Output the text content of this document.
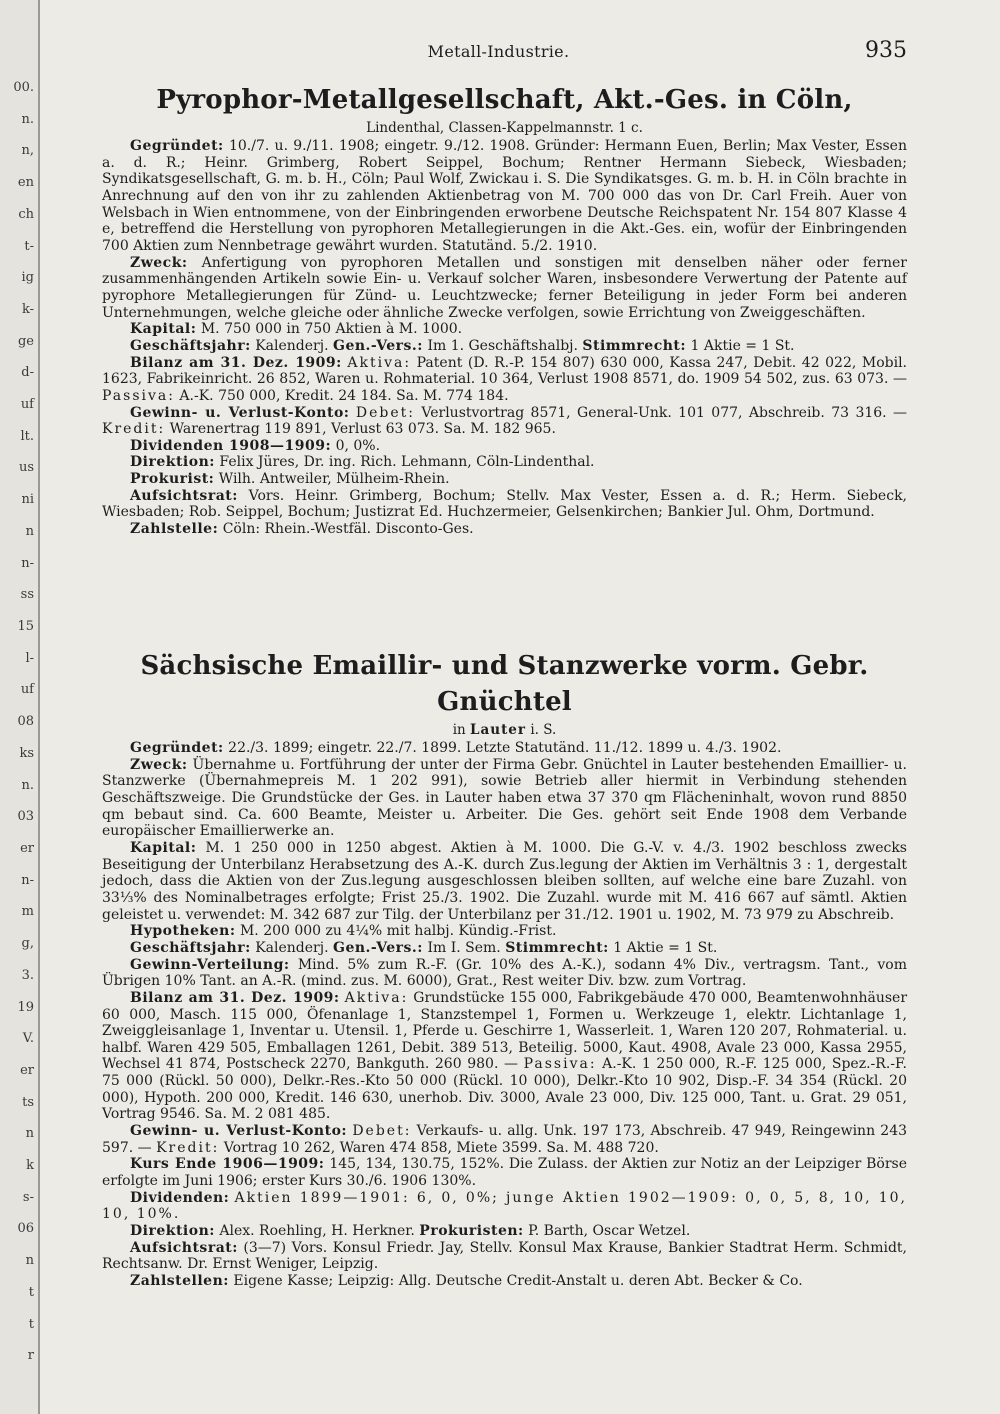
00.
n.
n,
en
ch
t-
ig
k-
ge
d-
uf
lt.
us
ni
n
n-
ss
15
l-
uf
08
ks
n.
03
er
n-
m
g,
3.
19
V.
er
ts
n
k
s-
06
n
t
t
r
Metall-Industrie.	935
Pyrophor-Metallgesellschaft, Akt.-Ges. in Cöln,
Lindenthal, Classen-Kappelmannstr. 1 c.

Gegründet: 10./7. u. 9./11. 1908; eingetr. 9./12. 1908. Gründer: Hermann Euen, Berlin; Max Vester, Essen a. d. R.; Heinr. Grimberg, Robert Seippel, Bochum; Rentner Hermann Siebeck, Wiesbaden; Syndikatsgesellschaft, G. m. b. H., Cöln; Paul Wolf, Zwickau i. S. Die Syndikatsges. G. m. b. H. in Cöln brachte in Anrechnung auf den von ihr zu zahlenden Aktienbetrag von M. 700 000 das von Dr. Carl Freih. Auer von Welsbach in Wien entnommene, von der Einbringenden erworbene Deutsche Reichspatent Nr. 154 807 Klasse 4 e, betreffend die Herstellung von pyrophoren Metallegierungen in die Akt.-Ges. ein, wofür der Einbringenden 700 Aktien zum Nennbetrage gewährt wurden. Statutänd. 5./2. 1910.

Zweck: Anfertigung von pyrophoren Metallen und sonstigen mit denselben näher oder ferner zusammenhängenden Artikeln sowie Ein- u. Verkauf solcher Waren, insbesondere Verwertung der Patente auf pyrophore Metallegierungen für Zünd- u. Leuchtzwecke; ferner Beteiligung in jeder Form bei anderen Unternehmungen, welche gleiche oder ähnliche Zwecke verfolgen, sowie Errichtung von Zweiggeschäften.

Kapital: M. 750 000 in 750 Aktien à M. 1000.

Geschäftsjahr: Kalenderj. Gen.-Vers.: Im 1. Geschäftshalbj. Stimmrecht: 1 Aktie = 1 St.

Bilanz am 31. Dez. 1909: Aktiva: Patent (D. R.-P. 154 807) 630 000, Kassa 247, Debit. 42 022, Mobil. 1623, Fabrikeinricht. 26 852, Waren u. Rohmaterial. 10 364, Verlust 1908 8571, do. 1909 54 502, zus. 63 073. — Passiva: A.-K. 750 000, Kredit. 24 184. Sa. M. 774 184.

Gewinn- u. Verlust-Konto: Debet: Verlustvortrag 8571, General-Unk. 101 077, Abschreib. 73 316. — Kredit: Warenertrag 119 891, Verlust 63 073. Sa. M. 182 965.

Dividenden 1908—1909: 0, 0%.

Direktion: Felix Jüres, Dr. ing. Rich. Lehmann, Cöln-Lindenthal.

Prokurist: Wilh. Antweiler, Mülheim-Rhein.

Aufsichtsrat: Vors. Heinr. Grimberg, Bochum; Stellv. Max Vester, Essen a. d. R.; Herm. Siebeck, Wiesbaden; Rob. Seippel, Bochum; Justizrat Ed. Huchzermeier, Gelsenkirchen; Bankier Jul. Ohm, Dortmund.

Zahlstelle: Cöln: Rhein.-Westfäl. Disconto-Ges.

Sächsische Emaillir- und Stanzwerke vorm. Gebr. Gnüchtel
in Lauter i. S.

Gegründet: 22./3. 1899; eingetr. 22./7. 1899. Letzte Statutänd. 11./12. 1899 u. 4./3. 1902.

Zweck: Übernahme u. Fortführung der unter der Firma Gebr. Gnüchtel in Lauter bestehenden Emaillier- u. Stanzwerke (Übernahmepreis M. 1 202 991), sowie Betrieb aller hiermit in Verbindung stehenden Geschäftszweige. Die Grundstücke der Ges. in Lauter haben etwa 37 370 qm Flächeninhalt, wovon rund 8850 qm bebaut sind. Ca. 600 Beamte, Meister u. Arbeiter. Die Ges. gehört seit Ende 1908 dem Verbande europäischer Emaillierwerke an.

Kapital: M. 1 250 000 in 1250 abgest. Aktien à M. 1000. Die G.-V. v. 4./3. 1902 beschloss zwecks Beseitigung der Unterbilanz Herabsetzung des A.-K. durch Zus.legung der Aktien im Verhältnis 3 : 1, dergestalt jedoch, dass die Aktien von der Zus.legung ausgeschlossen bleiben sollten, auf welche eine bare Zuzahl. von 33⅓% des Nominalbetrages erfolgte; Frist 25./3. 1902. Die Zuzahl. wurde mit M. 416 667 auf sämtl. Aktien geleistet u. verwendet: M. 342 687 zur Tilg. der Unterbilanz per 31./12. 1901 u. 1902, M. 73 979 zu Abschreib.

Hypotheken: M. 200 000 zu 4¼% mit halbj. Kündig.-Frist.

Geschäftsjahr: Kalenderj. Gen.-Vers.: Im I. Sem. Stimmrecht: 1 Aktie = 1 St.

Gewinn-Verteilung: Mind. 5% zum R.-F. (Gr. 10% des A.-K.), sodann 4% Div., vertragsm. Tant., vom Übrigen 10% Tant. an A.-R. (mind. zus. M. 6000), Grat., Rest weiter Div. bzw. zum Vortrag.

Bilanz am 31. Dez. 1909: Aktiva: Grundstücke 155 000, Fabrikgebäude 470 000, Beamtenwohnhäuser 60 000, Masch. 115 000, Öfenanlage 1, Stanzstempel 1, Formen u. Werkzeuge 1, elektr. Lichtanlage 1, Zweiggleisanlage 1, Inventar u. Utensil. 1, Pferde u. Geschirre 1, Wasserleit. 1, Waren 120 207, Rohmaterial. u. halbf. Waren 429 505, Emballagen 1261, Debit. 389 513, Beteilig. 5000, Kaut. 4908, Avale 23 000, Kassa 2955, Wechsel 41 874, Postscheck 2270, Bankguth. 260 980. — Passiva: A.-K. 1 250 000, R.-F. 125 000, Spez.-R.-F. 75 000 (Rückl. 50 000), Delkr.-Res.-Kto 50 000 (Rückl. 10 000), Delkr.-Kto 10 902, Disp.-F. 34 354 (Rückl. 20 000), Hypoth. 200 000, Kredit. 146 630, unerhob. Div. 3000, Avale 23 000, Div. 125 000, Tant. u. Grat. 29 051, Vortrag 9546. Sa. M. 2 081 485.

Gewinn- u. Verlust-Konto: Debet: Verkaufs- u. allg. Unk. 197 173, Abschreib. 47 949, Reingewinn 243 597. — Kredit: Vortrag 10 262, Waren 474 858, Miete 3599. Sa. M. 488 720.

Kurs Ende 1906—1909: 145, 134, 130.75, 152%. Die Zulass. der Aktien zur Notiz an der Leipziger Börse erfolgte im Juni 1906; erster Kurs 30./6. 1906 130%.

Dividenden: Aktien 1899—1901: 6, 0, 0%; junge Aktien 1902—1909: 0, 0, 5, 8, 10, 10, 10, 10%.

Direktion: Alex. Roehling, H. Herkner. Prokuristen: P. Barth, Oscar Wetzel.

Aufsichtsrat: (3—7) Vors. Konsul Friedr. Jay, Stellv. Konsul Max Krause, Bankier Stadtrat Herm. Schmidt, Rechtsanw. Dr. Ernst Weniger, Leipzig.

Zahlstellen: Eigene Kasse; Leipzig: Allg. Deutsche Credit-Anstalt u. deren Abt. Becker & Co.
